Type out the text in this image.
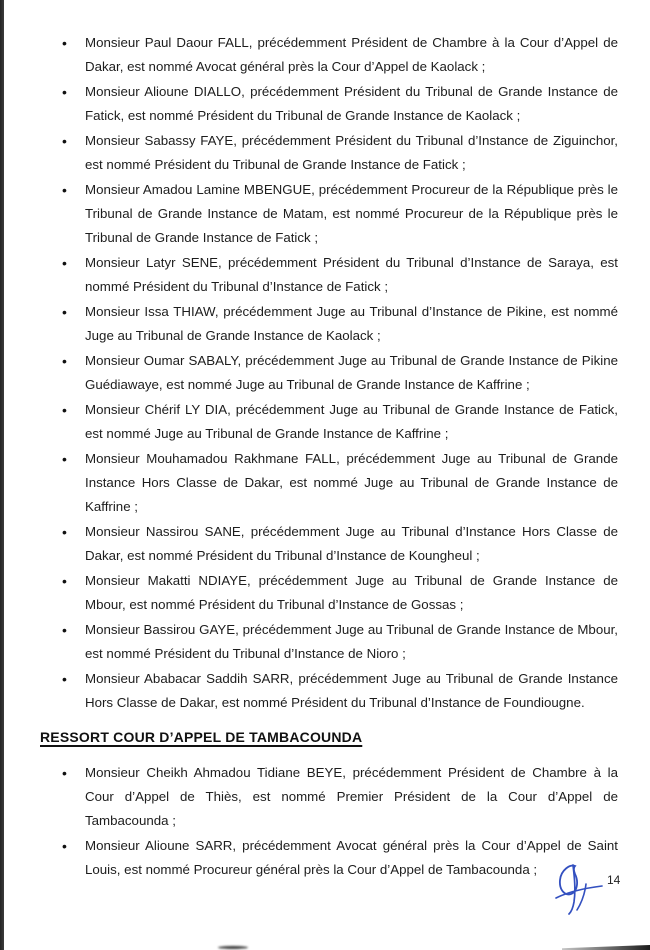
• Monsieur Paul Daour FALL, précédemment Président de Chambre à la Cour d’Appel de Dakar, est nommé Avocat général près la Cour d’Appel de Kaolack ;
• Monsieur Alioune DIALLO, précédemment Président du Tribunal de Grande Instance de Fatick, est nommé Président du Tribunal de Grande Instance de Kaolack ;
• Monsieur Sabassy FAYE, précédemment Président du Tribunal d’Instance de Ziguinchor, est nommé Président du Tribunal de Grande Instance de Fatick ;
• Monsieur Amadou Lamine MBENGUE, précédemment Procureur de la République près le Tribunal de Grande Instance de Matam, est nommé Procureur de la République près le Tribunal de Grande Instance de Fatick ;
• Monsieur Latyr SENE, précédemment Président du Tribunal d’Instance de Saraya, est nommé Président du Tribunal d’Instance de Fatick ;
• Monsieur Issa THIAW, précédemment Juge au Tribunal d’Instance de Pikine, est nommé Juge au Tribunal de Grande Instance de Kaolack ;
• Monsieur Oumar SABALY, précédemment Juge au Tribunal de Grande Instance de Pikine Guédiawaye, est nommé Juge au Tribunal de Grande Instance de Kaffrine ;
• Monsieur Chérif LY DIA, précédemment Juge au Tribunal de Grande Instance de Fatick, est nommé Juge au Tribunal de Grande Instance de Kaffrine ;
• Monsieur Mouhamadou Rakhmane FALL, précédemment Juge au Tribunal de Grande Instance Hors Classe de Dakar, est nommé Juge au Tribunal de Grande Instance de Kaffrine ;
• Monsieur Nassirou SANE, précédemment Juge au Tribunal d’Instance Hors Classe de Dakar, est nommé Président du Tribunal d’Instance de Koungheul ;
• Monsieur Makatti NDIAYE, précédemment Juge au Tribunal de Grande Instance de Mbour, est nommé Président du Tribunal d’Instance de Gossas ;
• Monsieur Bassirou GAYE, précédemment Juge au Tribunal de Grande Instance de Mbour, est nommé Président du Tribunal d’Instance de Nioro ;
• Monsieur Ababacar Saddih SARR, précédemment Juge au Tribunal de Grande Instance Hors Classe de Dakar, est nommé Président du Tribunal d’Instance de Foundiougne.
RESSORT COUR D’APPEL DE TAMBACOUNDA
• Monsieur Cheikh Ahmadou Tidiane BEYE, précédemment Président de Chambre à la Cour d’Appel de Thiès, est nommé Premier Président de la Cour d’Appel de Tambacounda ;
• Monsieur Alioune SARR, précédemment Avocat général près la Cour d’Appel de Saint Louis, est nommé Procureur général près la Cour d’Appel de Tambacounda ;
14
